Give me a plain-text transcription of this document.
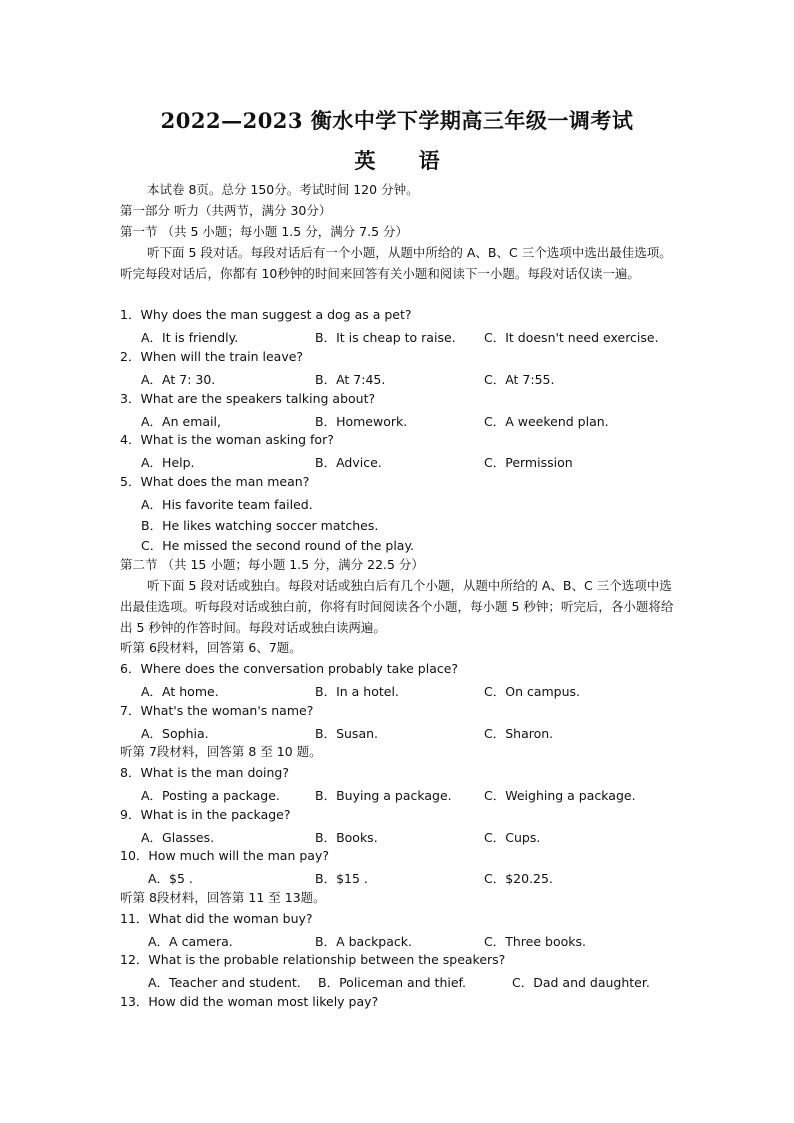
2022—2023 衡水中学下学期高三年级一调考试
英 语
本试卷 8页。总分 150分。考试时间 120 分钟。
第一部分 听力（共两节，满分 30分）
第一节 （共 5 小题；每小题 1.5 分，满分 7.5 分）
听下面 5 段对话。每段对话后有一个小题，从题中所给的 A、B、C 三个选项中选出最佳选项。听完每段对话后，你都有 10秒钟的时间来回答有关小题和阅读下一小题。每段对话仅读一遍。
1．Why does the man suggest a dog as a pet?
A．It is friendly.	B．It is cheap to raise. C．It doesn't need exercise.
2．When will the train leave?
A．At 7: 30.	B．At 7:45.	C．At 7:55.
3．What are the speakers talking about?
A．An email,	B．Homework.	C．A weekend plan.
4．What is the woman asking for?
A．Help.	B．Advice.	C．Permission
5．What does the man mean?
A．His favorite team failed.
B．He likes watching soccer matches.
C．He missed the second round of the play.
第二节 （共 15 小题；每小题 1.5 分，满分 22.5 分）
听下面 5 段对话或独白。每段对话或独白后有几个小题，从题中所给的 A、B、C 三个选项中选出最佳选项。听每段对话或独白前，你将有时间阅读各个小题，每小题 5 秒钟；听完后，各小题将给出 5 秒钟的作答时间。每段对话或独白读两遍。
听第 6段材料，回答第 6、7题。
6．Where does the conversation probably take place?
A．At home.	B．In a hotel.	C．On campus.
7．What's the woman's name?
A．Sophia.	B．Susan.	C．Sharon.
听第 7段材料，回答第 8 至 10 题。
8．What is the man doing?
A．Posting a package.	B．Buying a package.	C．Weighing a package.
9．What is in the package?
A．Glasses.	B．Books.	C．Cups.
10．How much will the man pay?
A．$5 .	B．$15 .	C．$20.25.
听第 8段材料，回答第 11 至 13题。
11．What did the woman buy?
A．A camera.	B．A backpack.	C．Three books.
12．What is the probable relationship between the speakers?
A．Teacher and student. B．Policeman and thief.	C．Dad and daughter.
13．How did the woman most likely pay?
